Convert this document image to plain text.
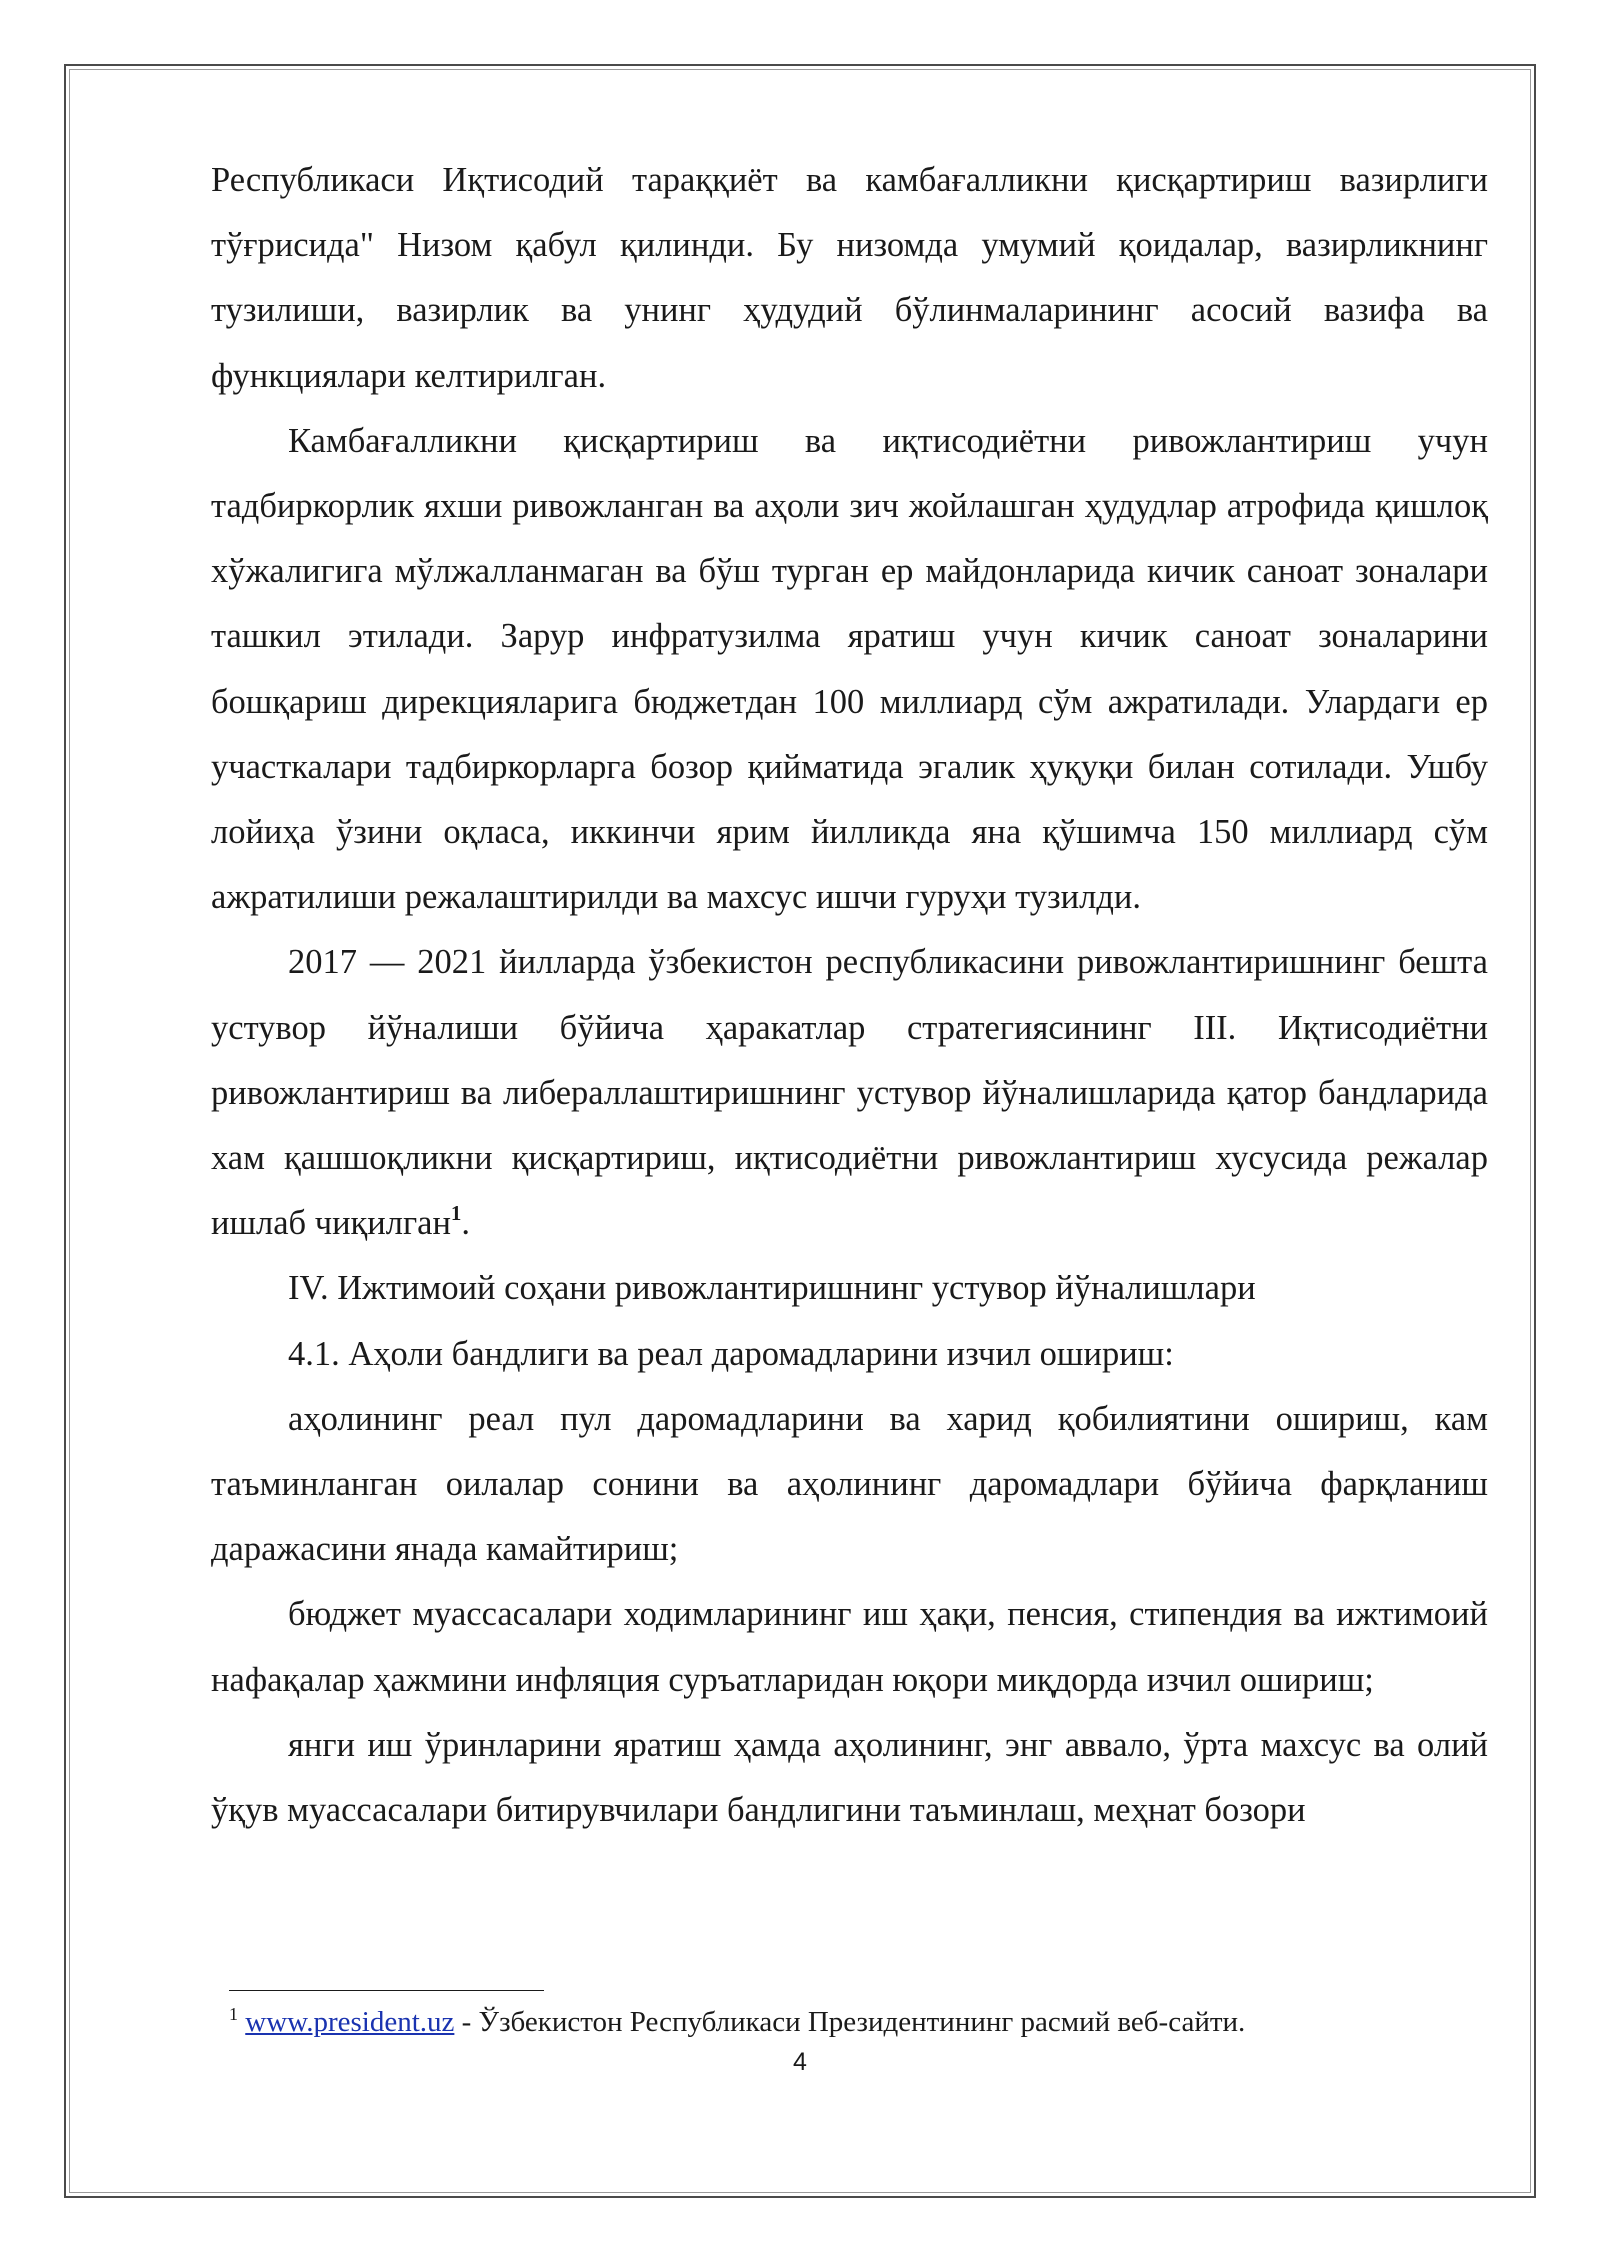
Республикаси Иқтисодий тараққиёт ва камбағалликни қисқартириш вазирлиги тўғрисида" Низом қабул қилинди. Бу низомда умумий қоидалар, вазирликнинг тузилиши, вазирлик ва унинг ҳудудий бўлинмаларининг асосий вазифа ва функциялари келтирилган.

Камбағалликни қисқартириш ва иқтисодиётни ривожлантириш учун тадбиркорлик яхши ривожланган ва аҳоли зич жойлашган ҳудудлар атрофида қишлоқ хўжалигига мўлжалланмаган ва бўш турган ер майдонларида кичик саноат зоналари ташкил этилади. Зарур инфратузилма яратиш учун кичик саноат зоналарини бошқариш дирекцияларига бюджетдан 100 миллиард сўм ажратилади. Улардаги ер участкалари тадбиркорларга бозор қийматида эгалик ҳуқуқи билан сотилади. Ушбу лойиҳа ўзини оқласа, иккинчи ярим йилликда яна қўшимча 150 миллиард сўм ажратилиши режалаштирилди ва махсус ишчи гуруҳи тузилди.

2017 — 2021 йилларда ўзбекистон республикасини ривожлантиришнинг бешта устувор йўналиши бўйича ҳаракатлар стратегиясининг III. Иқтисодиётни ривожлантириш ва либераллаштиришнинг устувор йўналишларида қатор бандларида хам қашшоқликни қисқартириш, иқтисодиётни ривожлантириш хусусида режалар ишлаб чиқилган$^1$.

IV. Ижтимоий соҳани ривожлантиришнинг устувор йўналишлари

4.1. Аҳоли бандлиги ва реал даромадларини изчил ошириш:

аҳолининг реал пул даромадларини ва харид қобилиятини ошириш, кам таъминланган оилалар сонини ва аҳолининг даромадлари бўйича фарқланиш даражасини янада камайтириш;

бюджет муассасалари ходимларининг иш ҳақи, пенсия, стипендия ва ижтимоий нафақалар ҳажмини инфляция суръатларидан юқори миқдорда изчил ошириш;

янги иш ўринларини яратиш ҳамда аҳолининг, энг аввало, ўрта махсус ва олий ўқув муассасалари битирувчилари бандлигини таъминлаш, меҳнат бозори

$^1$ www.president.uz - Ўзбекистон Республикаси Президентининг расмий веб-сайти.
4
